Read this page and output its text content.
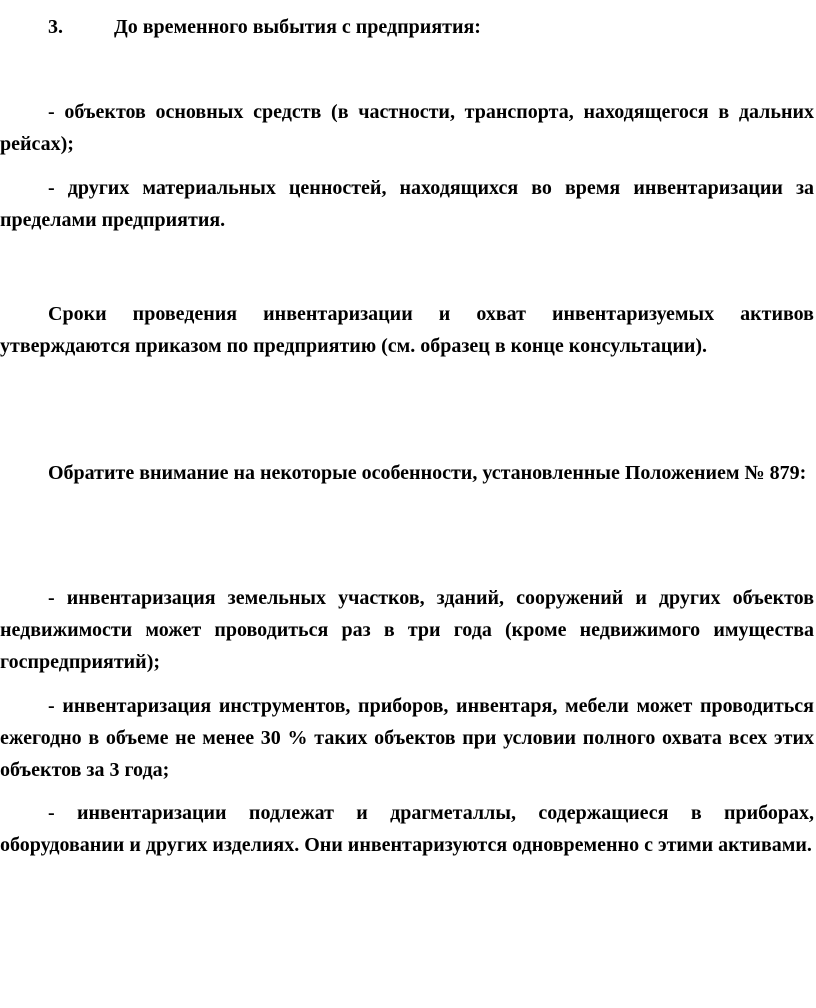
3.	До временного выбытия с предприятия:

- объектов основных средств (в частности, транспорта, находящегося в дальних рейсах);

- других материальных ценностей, находящихся во время инвентаризации за пределами предприятия.

Сроки проведения инвентаризации и охват инвентаризуемых активов утверждаются приказом по предприятию (см. образец в конце консультации).

Обратите внимание на некоторые особенности, установленные Положением № 879:

- инвентаризация земельных участков, зданий, сооружений и других объектов недвижимости может проводиться раз в три года (кроме недвижимого имущества госпредприятий);

- инвентаризация инструментов, приборов, инвентаря, мебели может проводиться ежегодно в объеме не менее 30 % таких объектов при условии полного охвата всех этих объектов за 3 года;

- инвентаризации подлежат и драгметаллы, содержащиеся в приборах, оборудовании и других изделиях. Они инвентаризуются одновременно с этими активами.
